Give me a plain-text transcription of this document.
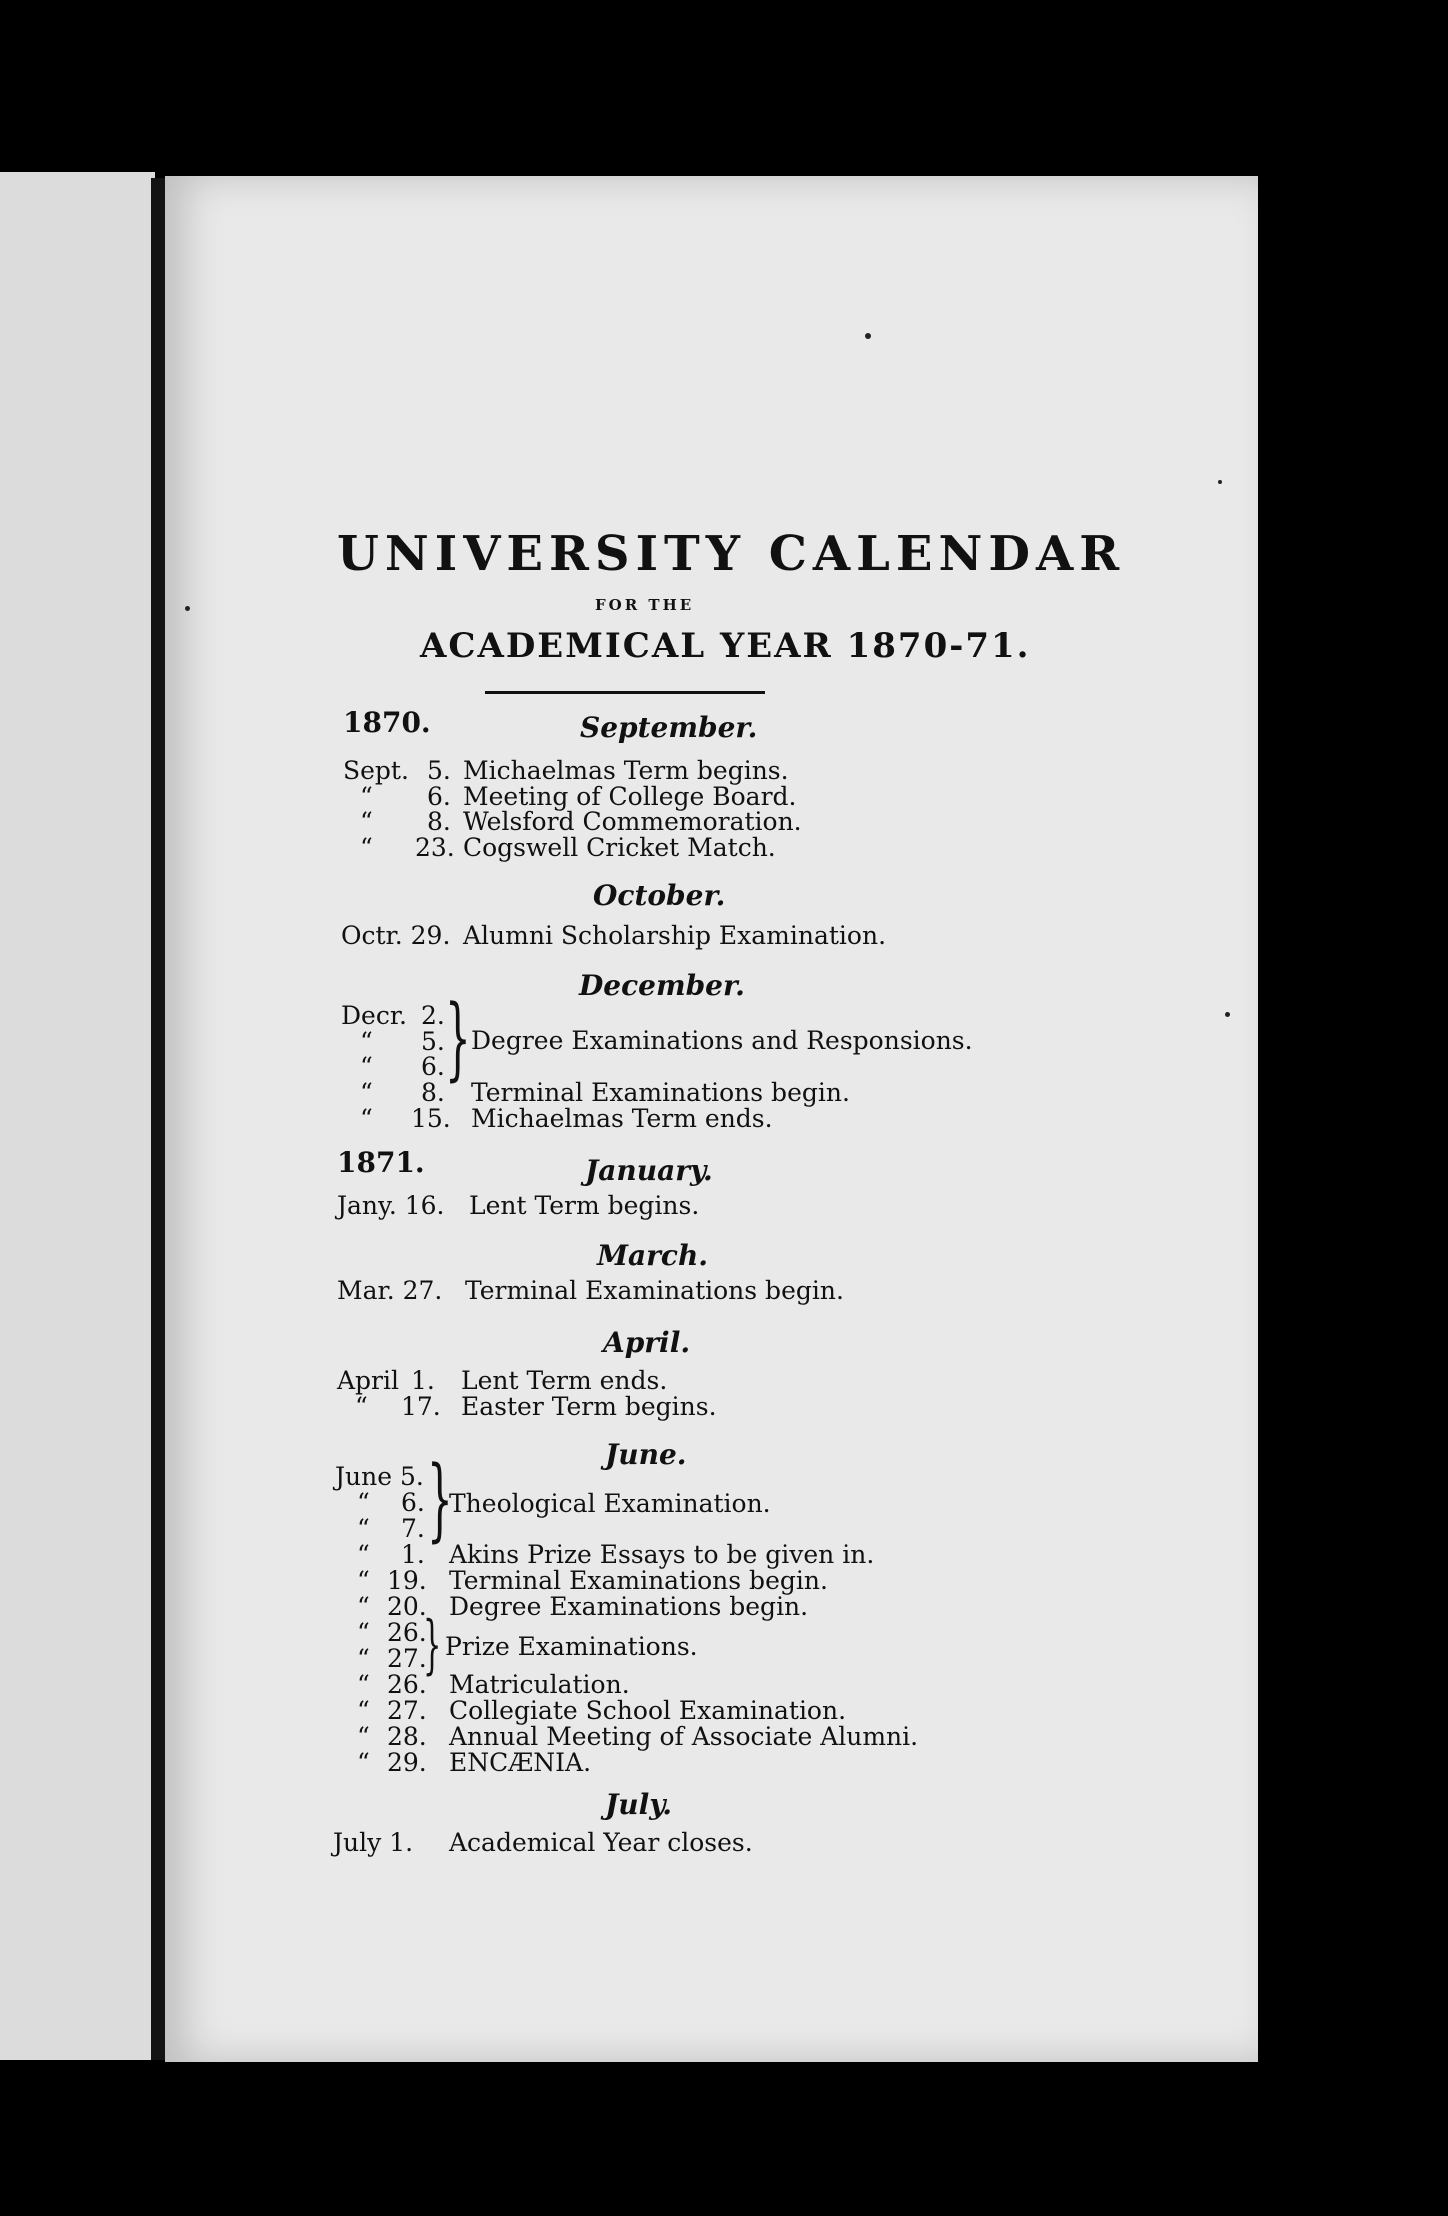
UNIVERSITY CALENDAR
FOR THE
ACADEMICAL YEAR 1870-71.
1870.	September.
Sept. 5. Michaelmas Term begins.
“ 6. Meeting of College Board.
“ 8. Welsford Commemoration.
“ 23. Cogswell Cricket Match.
October.
Octr. 29. Alumni Scholarship Examination.
December.
Decr. 2.
“ 5.
“ 6. } Degree Examinations and Responsions.
“ 8. Terminal Examinations begin.
“ 15. Michaelmas Term ends.
1871.	January.
Jany. 16. Lent Term begins.
March.
Mar. 27. Terminal Examinations begin.
April.
April 1. Lent Term ends.
“ 17. Easter Term begins.
June.
June 5.
“ 6.
“ 7. }
Theological Examination.
“ 1. Akins Prize Essays to be given in.
“ 19. Terminal Examinations begin.
“ 20. Degree Examinations begin.
“ 26.
“ 27.
} Prize Examinations.
“ 26. Matriculation.
“ 27. Collegiate School Examination.
“ 28. Annual Meeting of Associate Alumni.
“ 29. ENCÆNIA.
July.
July 1. Academical Year closes.
